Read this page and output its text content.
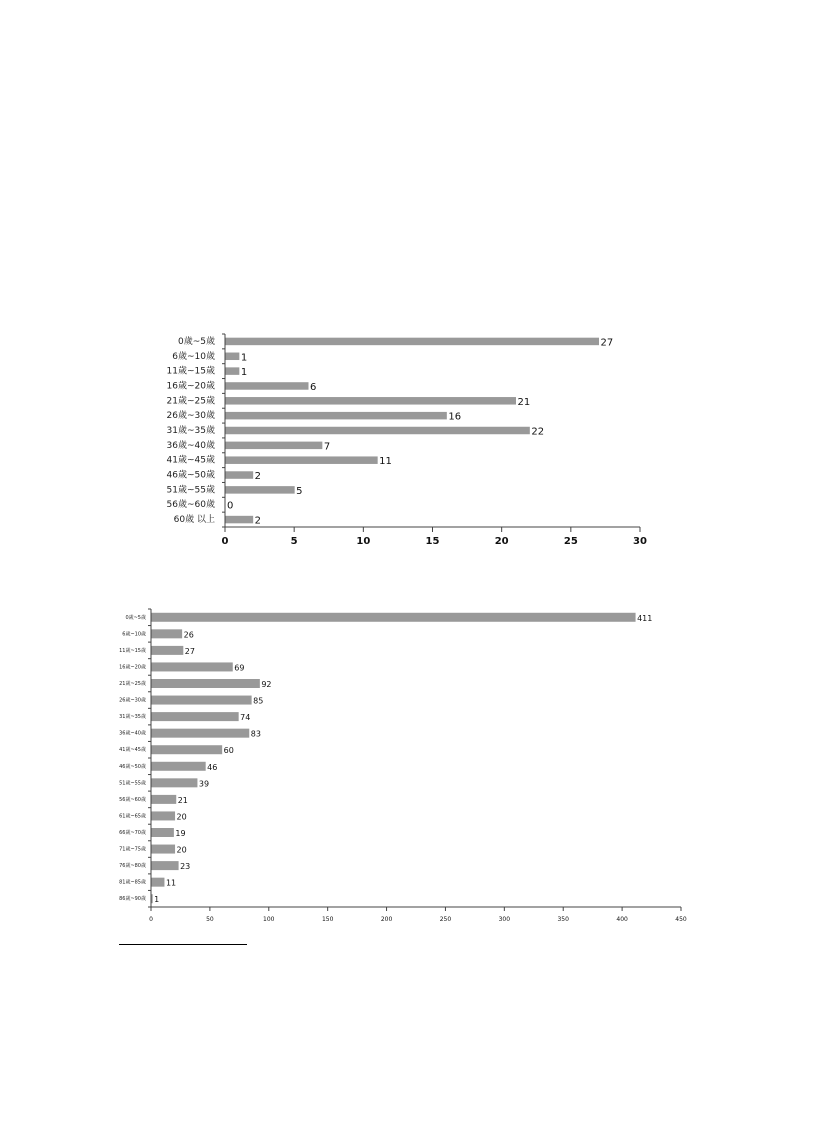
0歲~5歲	27
6歲~10歲	1
11歲~15歲	1
16歲~20歲	6
21歲~25歲	21
26歲~30歲	16
31歲~35歲	22
36歲~40歲	7
41歲~45歲	11
46歲~50歲	2
51歲~55歲	5
56歲~60歲 0
60歲 以上	2
0	5	10	15	20	25	30
0歲~5歲	411
6歲~10歲	26
11歲~15歲	27
16歲~20歲	69
21歲~25歲	92
26歲~30歲	85
31歲~35歲	74
36歲~40歲	83
41歲~45歲	60
46歲~50歲	46
51歲~55歲	39
56歲~60歲	21
61歲~65歲	20
66歲~70歲	19
71歲~75歲	20
76歲~80歲	23
81歲~85歲 11
86歲~90歲 1
0	50	100	150	200	250	300	350	400	450
